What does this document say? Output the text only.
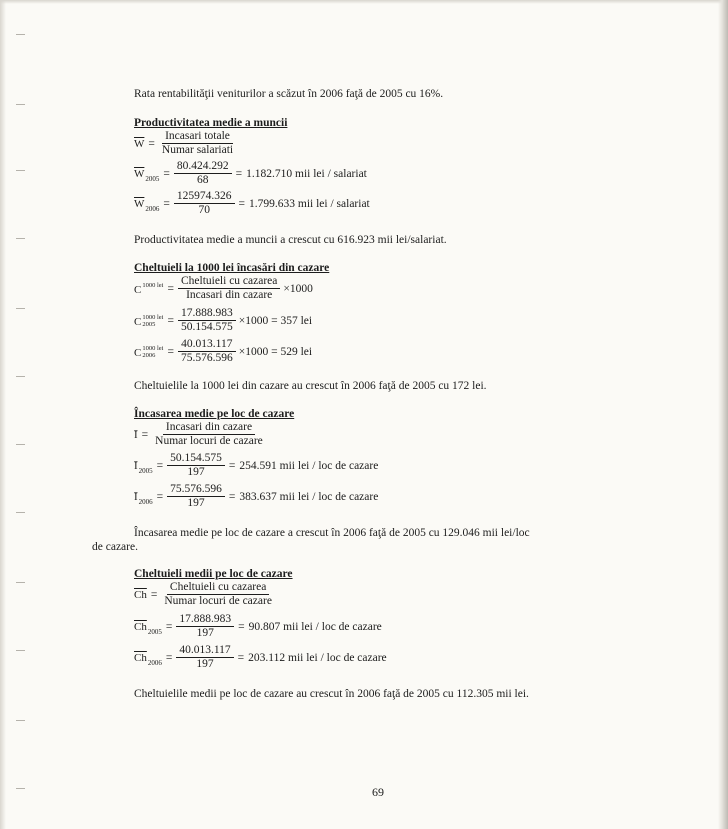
Rata rentabilităţii veniturilor a scăzut în 2006 faţă de 2005 cu 16%.
Productivitatea medie a muncii
$\overline{W} = \frac{\text{Incasari totale}}{\text{Numar salariati}}$
$\overline{W}$ $2005 = \frac{80.424.292}{68} = 1.182.710$ mii lei / salariat
$\overline{W}$ $2006 = \frac{125974.326}{70} = 1.799.633$ mii lei / salariat
Productivitatea medie a muncii a crescut cu 616.923 mii lei/salariat.
Cheltuieli la 1000 lei încasări din cazare
C 1000 lei
= $\frac{\text{Cheltuieli cu cazarea}}{\text{Incasari din cazare}} \times 1000$
C 1000 lei
2005	= $\frac{17.888.983}{50.154.575} \times 1000 = 357$ lei
C 1000 lei
2006	= $\frac{40.013.117}{75.576.596} \times 1000 = 529$ lei
Cheltuielile la 1000 lei din cazare au crescut în 2006 faţă de 2005 cu 172 lei.
Încasarea medie pe loc de cazare
Ī = $\frac{\text{Incasari din cazare}}{\text{Numar locuri de cazare}}$
Ī $2005 = \frac{50.154.575}{197} = 254.591$ mii lei / loc de cazare
Ī $2006 = \frac{75.576.596}{197} = 383.637$ mii lei / loc de cazare
Încasarea medie pe loc de cazare a crescut în 2006 faţă de 2005 cu 129.046 mii lei/loc
de cazare.
Cheltuieli medii pe loc de cazare
$\overline{Ch} = \frac{\text{Cheltuieli cu cazarea}}{\text{Numar locuri de cazare}}$
$\overline{Ch}$ $2005 = \frac{17.888.983}{197} = 90.807$ mii lei / loc de cazare
$\overline{Ch}$ $2006 = \frac{40.013.117}{197} = 203.112$ mii lei / loc de cazare
Cheltuielile medii pe loc de cazare au crescut în 2006 faţă de 2005 cu 112.305 mii lei.
69
